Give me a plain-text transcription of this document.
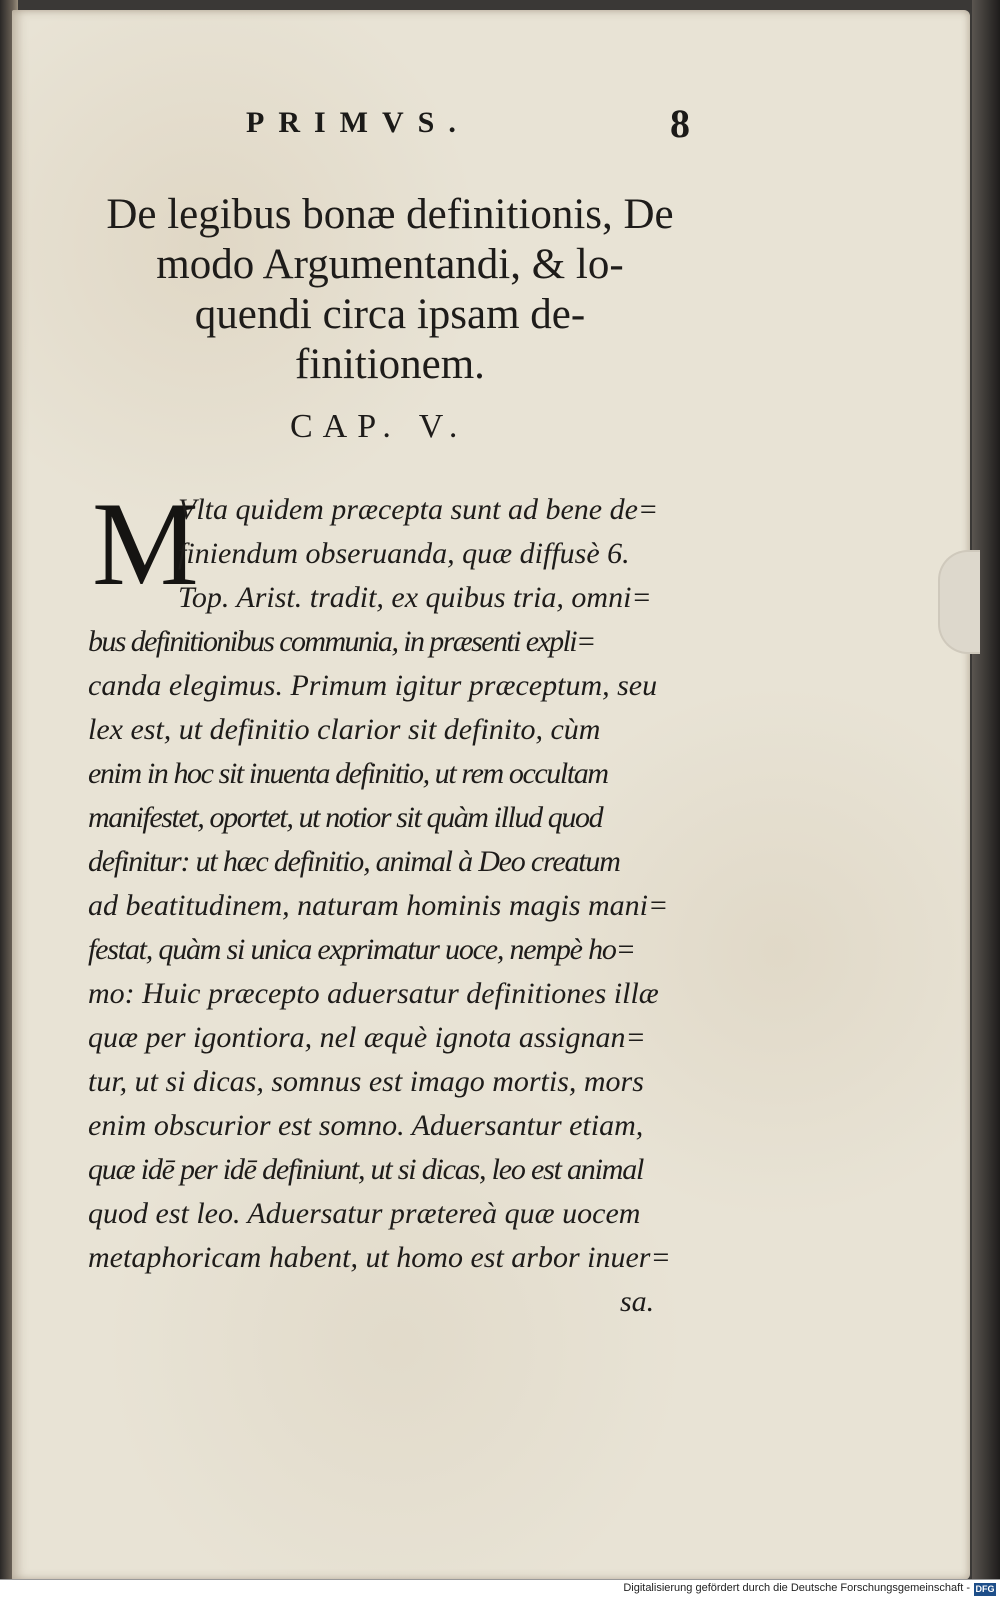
PRIMVS.	8
De legibus bonæ definitionis, De
modo Argumentandi, & lo-
quendi circa ipsam de-
finitionem.
CAP. V.
M
Vlta quidem præcepta sunt ad bene de=
finiendum obseruanda, quæ diffusè 6.
Top. Arist. tradit, ex quibus tria, omni=
bus definitionibus communia, in præsenti expli=
canda elegimus. Primum igitur præceptum, seu
lex est, ut definitio clarior sit definito, cùm
enim in hoc sit inuenta definitio, ut rem occultam
manifestet, oportet, ut notior sit quàm illud quod
definitur: ut hæc definitio, animal à Deo creatum
ad beatitudinem, naturam hominis magis mani=
festat, quàm si unica exprimatur uoce, nempè ho=
mo: Huic præcepto aduersatur definitiones illæ
quæ per igontiora, nel æquè ignota assignan=
tur, ut si dicas, somnus est imago mortis, mors
enim obscurior est somno. Aduersantur etiam,
quæ idē per idē definiunt, ut si dicas, leo est animal
quod est leo. Aduersatur prætereà quæ uocem
metaphoricam habent, ut homo est arbor inuer=
sa.
Digitalisierung gefördert durch die Deutsche Forschungsgemeinschaft - DFG
